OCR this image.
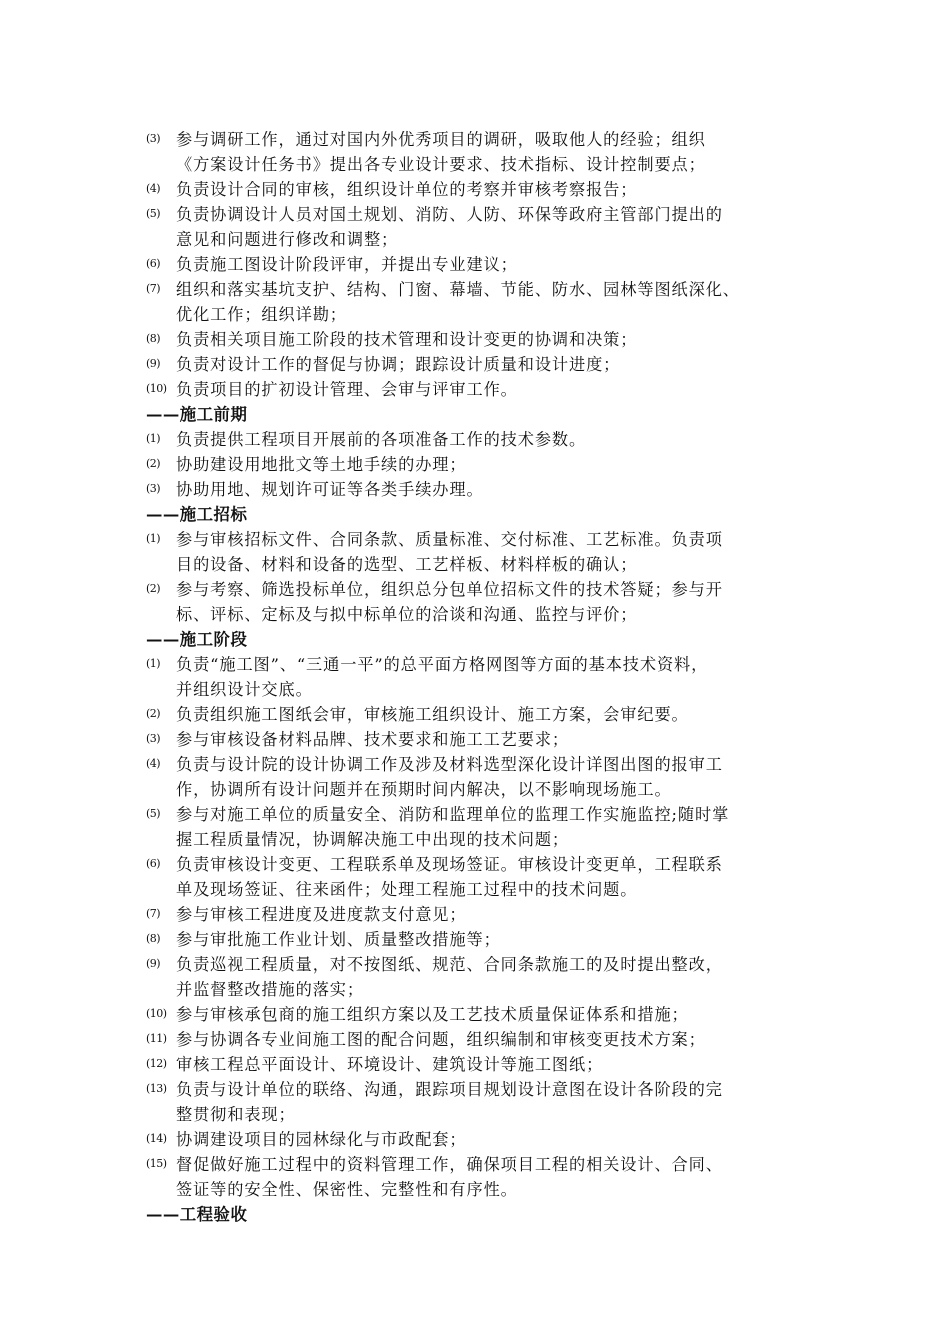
(3) 参与调研工作，通过对国内外优秀项目的调研，吸取他人的经验；组织
《方案设计任务书》提出各专业设计要求、技术指标、设计控制要点；
(4) 负责设计合同的审核，组织设计单位的考察并审核考察报告；
(5) 负责协调设计人员对国土规划、消防、人防、环保等政府主管部门提出的
意见和问题进行修改和调整；
(6) 负责施工图设计阶段评审，并提出专业建议；
(7) 组织和落实基坑支护、结构、门窗、幕墙、节能、防水、园林等图纸深化、
优化工作；组织详勘；
(8) 负责相关项目施工阶段的技术管理和设计变更的协调和决策；
(9) 负责对设计工作的督促与协调；跟踪设计质量和设计进度；
(10) 负责项目的扩初设计管理、会审与评审工作。
——施工前期
(1) 负责提供工程项目开展前的各项准备工作的技术参数。
(2) 协助建设用地批文等土地手续的办理；
(3) 协助用地、规划许可证等各类手续办理。
——施工招标
(1) 参与审核招标文件、合同条款、质量标准、交付标准、工艺标准。负责项
目的设备、材料和设备的选型、工艺样板、材料样板的确认；
(2) 参与考察、筛选投标单位，组织总分包单位招标文件的技术答疑；参与开
标、评标、定标及与拟中标单位的洽谈和沟通、监控与评价；
——施工阶段
(1) 负责“施工图”、“三通一平”的总平面方格网图等方面的基本技术资料，
并组织设计交底。
(2) 负责组织施工图纸会审，审核施工组织设计、施工方案，会审纪要。
(3) 参与审核设备材料品牌、技术要求和施工工艺要求；
(4) 负责与设计院的设计协调工作及涉及材料选型深化设计详图出图的报审工
作，协调所有设计问题并在预期时间内解决，以不影响现场施工。
(5) 参与对施工单位的质量安全、消防和监理单位的监理工作实施监控;随时掌
握工程质量情况，协调解决施工中出现的技术问题；
(6) 负责审核设计变更、工程联系单及现场签证。审核设计变更单，工程联系
单及现场签证、往来函件；处理工程施工过程中的技术问题。
(7) 参与审核工程进度及进度款支付意见；
(8) 参与审批施工作业计划、质量整改措施等；
(9) 负责巡视工程质量，对不按图纸、规范、合同条款施工的及时提出整改，
并监督整改措施的落实；
(10) 参与审核承包商的施工组织方案以及工艺技术质量保证体系和措施；
(11) 参与协调各专业间施工图的配合问题，组织编制和审核变更技术方案；
(12) 审核工程总平面设计、环境设计、建筑设计等施工图纸；
(13) 负责与设计单位的联络、沟通，跟踪项目规划设计意图在设计各阶段的完
整贯彻和表现；
(14) 协调建设项目的园林绿化与市政配套；
(15) 督促做好施工过程中的资料管理工作，确保项目工程的相关设计、合同、
签证等的安全性、保密性、完整性和有序性。
——工程验收
